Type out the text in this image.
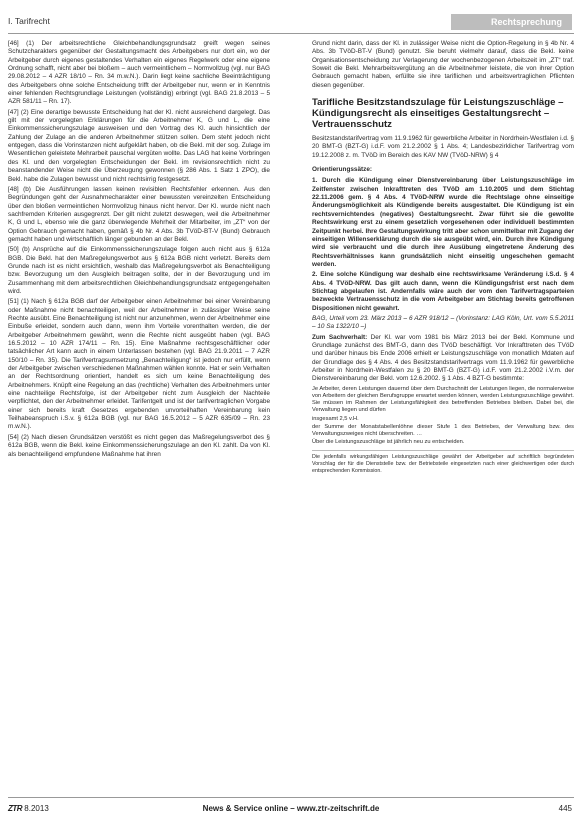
I. Tarifrecht	Rechtsprechung

[46] (1) Der arbeitsrechtliche Gleichbehandlungsgrundsatz greift wegen seines Schutzcharakters gegenüber der Gestaltungsmacht des Arbeitgebers nur dort ein, wo der Arbeitgeber durch eigenes gestaltendes Verhalten ein eigenes Regelwerk oder eine eigene Ordnung schafft, nicht aber bei bloßem – auch vermeintlichem – Normvollzug (vgl. nur BAG 29.08.2012 – 4 AZR 18/10 – Rn. 34 m.w.N.). Darin liegt keine sachliche Beeinträchtigung des Arbeitgebers ohne solche Entscheidung trifft der Arbeitgeber nur, wenn er in Kenntnis einer fehlenden Rechtsgrundlage Leistungen (vollständig) erbringt (vgl. BAG 21.8.2013 – 5 AZR 581/11 – Rn. 17).

[47] (2) Eine derartige bewusste Entscheidung hat der Kl. nicht ausreichend dargelegt. Das gilt mit der vorgelegten Erklärungen für die Arbeitnehmer K, G und L, die eine Einkommenssicherungszulage ausweisen und den Vortrag des Kl. auch hinsichtlich der Zahlung der Zulage an die anderen Arbeitnehmer stützen sollen. Dem steht jedoch nicht entgegen, dass die Vorinstanzen nicht aufgeklärt haben, ob die Bekl. mit der sog. Zulage im Wesentlichen geleistete Mehrarbeit pauschal vergüten wollte. Das LAG hat keine Vorbringen des Kl. und den vorgelegten Entscheidungen der Bekl. im revisionsrechtlich nicht zu beanstandender Weise nicht die Überzeugung gewonnen (§ 286 Abs. 1 Satz 1 ZPO), die Bekl. habe die Zulagen bewusst und nicht rechtsirrig festgesetzt.

[48] (b) Die Ausführungen lassen keinen revisiblen Rechtsfehler erkennen. Aus den Begründungen geht der Ausnahmecharakter einer bewussten vereinzelten Entscheidung über den bloßen vermeintlichen Normvollzug hinaus nicht hervor. Der Kl. wurde nicht nach sachfremden Kriterien ausgegrenzt. Der gilt nicht zuletzt deswegen, weil die Arbeitnehmer K, G und L, ebenso wie die ganz überwiegende Mehrheit der Mitarbeiter, im „ZT“ von der Option Gebrauch gemacht haben, gemäß § 4b Nr. 4 Abs. 3b TVöD-BT-V (Bund) Gebrauch gemacht haben und wirtschaftlich länger gebunden an der Bekl.

[50] (b) Ansprüche auf die Einkommenssicherungszulage folgen auch nicht aus § 612a BGB. Die Bekl. hat den Maßregelungsverbot aus § 612a BGB nicht verletzt. Bereits dem Grunde nach ist es nicht ersichtlich, weshalb das Maßregelungsverbot als Benachteiligung bzw. Bevorzugung um den Ausgleich beitragen sollte, der in der Bevorzugung und im Zusammenhang mit dem arbeitsrechtlichen Gleichbehandlungsgrundsatz entgegengehalten wird.

[51] (1) Nach § 612a BGB darf der Arbeitgeber einen Arbeitnehmer bei einer Vereinbarung oder Maßnahme nicht benachteiligen, weil der Arbeitnehmer in zulässiger Weise seine Rechte ausübt. Eine Benachteiligung ist nicht nur anzunehmen, wenn der Arbeitnehmer eine Einbuße erleidet, sondern auch dann, wenn ihm Vorteile vorenthalten werden, die der Arbeitgeber Arbeitnehmern gewährt, wenn die Rechte nicht ausgeübt haben (vgl. BAG 16.5.2012 – 10 AZR 174/11 – Rn. 15). Eine Maßnahme rechtsgeschäftlicher oder tatsächlicher Art kann auch in einem Unterlassen bestehen (vgl. BAG 21.9.2011 – 7 AZR 150/10 – Rn. 35). Die Tarifvertragsumsetzung „Benachteiligung“ ist jedoch nur erfüllt, wenn der Arbeitgeber zwischen verschiedenen Maßnahmen wählen konnte. Hat er sein Verhalten an der Rechtsordnung orientiert, handelt es sich um keine Benachteiligung des Arbeitnehmers. Knüpft eine Regelung an das (rechtliche) Verhalten des Arbeitnehmers unter eine nachteilige Rechtsfolge, ist der Arbeitgeber nicht zum Ausgleich der Nachteile verpflichtet, den der Arbeitnehmer erleidet. Tarifentgelt und ist der tarifvertraglichen Vorgabe einer sich bereits kraft Gesetzes ergebenden unvorteilhaften Vereinbarung kein Teilhabeanspruch i.S.v. § 612a BGB (vgl. nur BAG 16.5.2012 – 5 AZR 635/09 – Rn. 23 m.w.N.).

[54] (2) Nach diesen Grundsätzen verstößt es nicht gegen das Maßregelungsverbot des § 612a BGB, wenn die Bekl. keine Einkommenssicherungszulage an den Kl. zahlt. Da von Kl. als benachteiligend empfundene Maßnahme hat ihren

Grund nicht darin, dass der Kl. in zulässiger Weise nicht die Option-Regelung in § 4b Nr. 4 Abs. 3b TVöD-BT-V (Bund) genutzt. Sie beruht vielmehr darauf, dass die Bekl. keine Organisationsentscheidung zur Verlagerung der wochenbezogenen Arbeitszeit im „ZT“ traf. Soweit die Bekl. Mehrarbeitsvergütung an die Arbeitnehmer leistete, die von ihrer Option Gebrauch gemacht haben, erfüllte sie ihre tariflichen und arbeitsvertraglichen Pflichten diesen gegenüber.

Tarifliche Besitzstandszulage für Leistungszuschläge – Kündigungsrecht als einseitiges Gestaltungsrecht – Vertrauensschutz

Besitzstandstarifvertrag vom 11.9.1962 für gewerbliche Arbeiter in Nordrhein-Westfalen i.d. § 20 BMT-G (BZT-G) i.d.F. vom 21.2.2002 § 1 Abs. 4; Landesbezirklicher Tarifvertrag vom 19.12.2008 z. m. TVöD im Bereich des KAV NW (TVöD-NRW) § 4

Orientierungssätze:

1. Durch die Kündigung einer Dienstvereinbarung über Leistungszuschläge im Zeitfenster zwischen Inkrafttreten des TVöD am 1.10.2005 und dem Stichtag 22.11.2006 gem. § 4 Abs. 4 TVöD-NRW wurde die Rechtslage ohne einseitige Änderungsmöglichkeit als Kündigende bereits ausgestaltet. Die Kündigung ist ein rechtsvernichtendes (negatives) Gestaltungsrecht. Zwar führt sie die gewollte Rechtswirkung erst zu einem gesetzlich vorgesehenen oder individuell bestimmten Zeitpunkt herbei. Ihre Gestaltungswirkung tritt aber schon unmittelbar mit Zugang der einseitigen Willenserklärung durch die sie ausgeübt wird, ein. Durch ihre Kündigung wird sie verbraucht und die durch ihre Ausübung eingetretene Änderung des Rechtsverhältnisses kann grundsätzlich nicht einseitig ungeschehen gemacht werden.

2. Eine solche Kündigung war deshalb eine rechtswirksame Veränderung i.S.d. § 4 Abs. 4 TVöD-NRW. Das gilt auch dann, wenn die Kündigungsfrist erst nach dem Stichtag abgelaufen ist. Andernfalls wäre auch der vom den Tarifvertragsparteien bezweckte Vertrauensschutz in die vom Arbeitgeber am Stichtag bereits getroffenen Dispositionen nicht gewahrt.

BAG, Urteil vom 23. März 2013 – 6 AZR 918/12 – (Vorinstanz: LAG Köln, Urt. vom 5.5.2011 – 10 Sa 1322/10 –)

Zum Sachverhalt: Der Kl. war vom 1981 bis März 2013 bei der Bekl. Kommune und Grundlage zunächst des BMT-G, dann des TVöD beschäftigt. Vor Inkrafttreten des TVöD und darüber hinaus bis Ende 2006 erhielt er Leistungszuschläge von monatlich Mdaten auf der Grundlage des § 4 Abs. 4 des Besitzstandstarifvertrags vom 11.9.1962 für gewerbliche Arbeiter in Nordrhein-Westfalen zu § 20 BMT-G (BZT-G) i.d.F. vom 21.2.2002 i.V.m. der Dienstvereinbarung der Bekl. vom 12.6.2002. § 1 Abs. 4 BZT-G bestimmte:

Je Arbeiter, deren Leistungen dauernd über dem Durchschnitt der Leistungen liegen, die normalerweise von Arbeitern der gleichen Berufsgruppe erwartet werden können, werden Leistungszuschläge gewährt. Sie müssen im Rahmen der Leistungsfähigkeit des betreffenden Betriebes bleiben. Dabei bei, die Verwaltung liegen und dürfen

insgesamt 2,5 v.H.

der Summe der Monatstabellenlöhne dieser Stufe 1 des Betriebes, der Verwaltung bzw. des Verwaltungszweiges nicht überschreiten. …

Über die Leistungszuschläge ist jährlich neu zu entscheiden.

Die jedenfalls wirkungsfähigen Leistungszuschläge gewährt der Arbeitgeber auf schriftlich begründeten Vorschlag der für die Dienststelle bzw. der Betriebsteile eingesetzten nach einer gleichwertigen oder durch entsprechenden Kommission.

ZTR 8.2013	News & Service online – www.ztr-zeitschrift.de	445
